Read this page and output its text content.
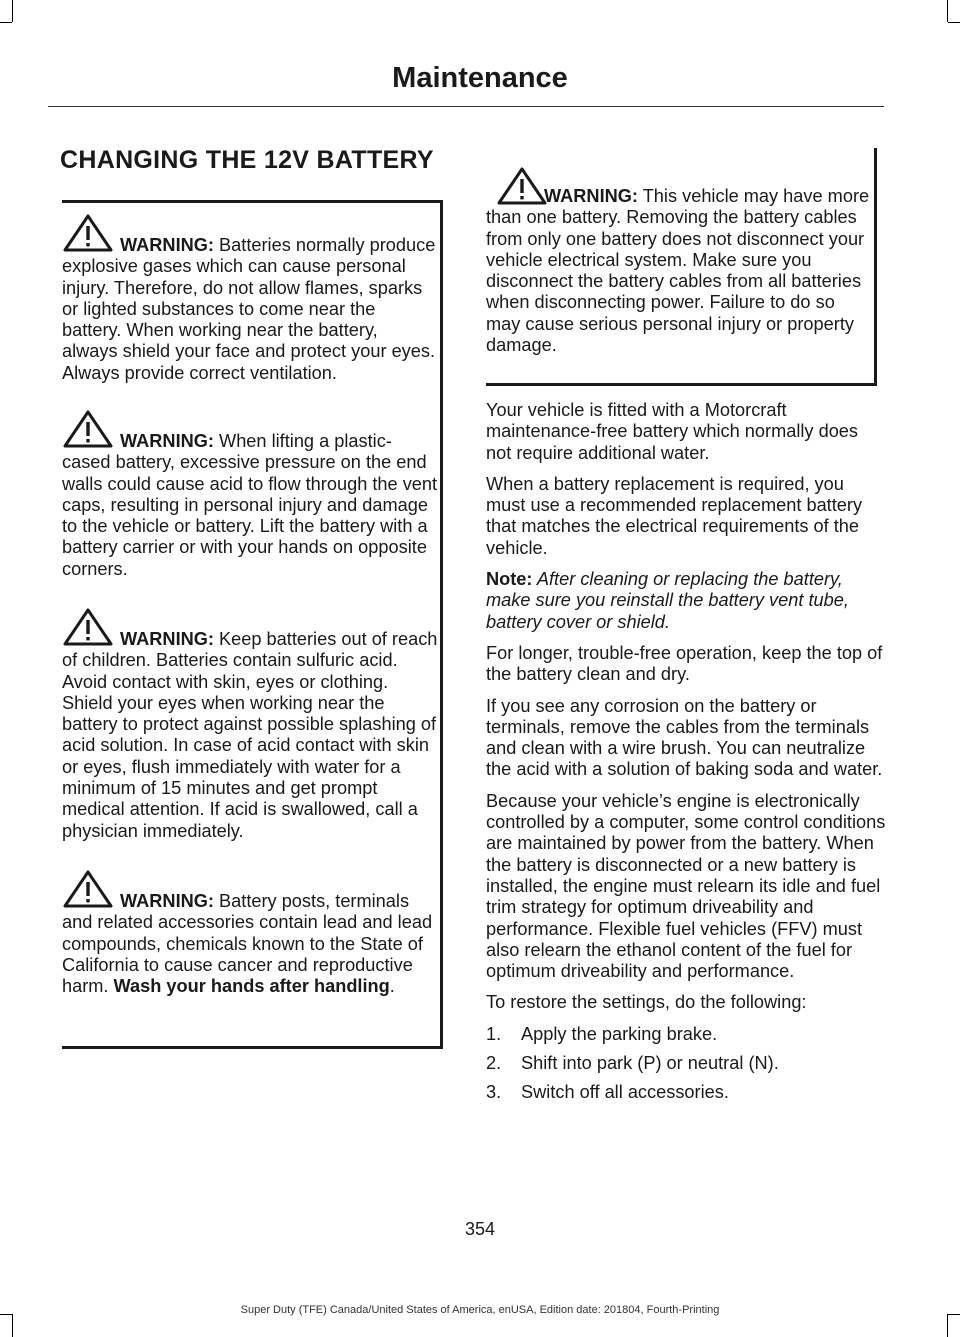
Maintenance
CHANGING THE 12V BATTERY
WARNING: Batteries normally produce explosive gases which can cause personal injury. Therefore, do not allow flames, sparks or lighted substances to come near the battery. When working near the battery, always shield your face and protect your eyes. Always provide correct ventilation.
WARNING: When lifting a plastic-cased battery, excessive pressure on the end walls could cause acid to flow through the vent caps, resulting in personal injury and damage to the vehicle or battery. Lift the battery with a battery carrier or with your hands on opposite corners.
WARNING: Keep batteries out of reach of children. Batteries contain sulfuric acid. Avoid contact with skin, eyes or clothing. Shield your eyes when working near the battery to protect against possible splashing of acid solution. In case of acid contact with skin or eyes, flush immediately with water for a minimum of 15 minutes and get prompt medical attention. If acid is swallowed, call a physician immediately.
WARNING: Battery posts, terminals and related accessories contain lead and lead compounds, chemicals known to the State of California to cause cancer and reproductive harm. Wash your hands after handling.
WARNING: This vehicle may have more than one battery. Removing the battery cables from only one battery does not disconnect your vehicle electrical system. Make sure you disconnect the battery cables from all batteries when disconnecting power. Failure to do so may cause serious personal injury or property damage.

Your vehicle is fitted with a Motorcraft maintenance-free battery which normally does not require additional water.

When a battery replacement is required, you must use a recommended replacement battery that matches the electrical requirements of the vehicle.

Note: After cleaning or replacing the battery, make sure you reinstall the battery vent tube, battery cover or shield.

For longer, trouble-free operation, keep the top of the battery clean and dry.

If you see any corrosion on the battery or terminals, remove the cables from the terminals and clean with a wire brush. You can neutralize the acid with a solution of baking soda and water.

Because your vehicle’s engine is electronically controlled by a computer, some control conditions are maintained by power from the battery. When the battery is disconnected or a new battery is installed, the engine must relearn its idle and fuel trim strategy for optimum driveability and performance. Flexible fuel vehicles (FFV) must also relearn the ethanol content of the fuel for optimum driveability and performance.

To restore the settings, do the following:

1.	Apply the parking brake.
2.	Shift into park (P) or neutral (N).
3.	Switch off all accessories.
354
Super Duty (TFE) Canada/United States of America, enUSA, Edition date: 201804, Fourth-Printing
